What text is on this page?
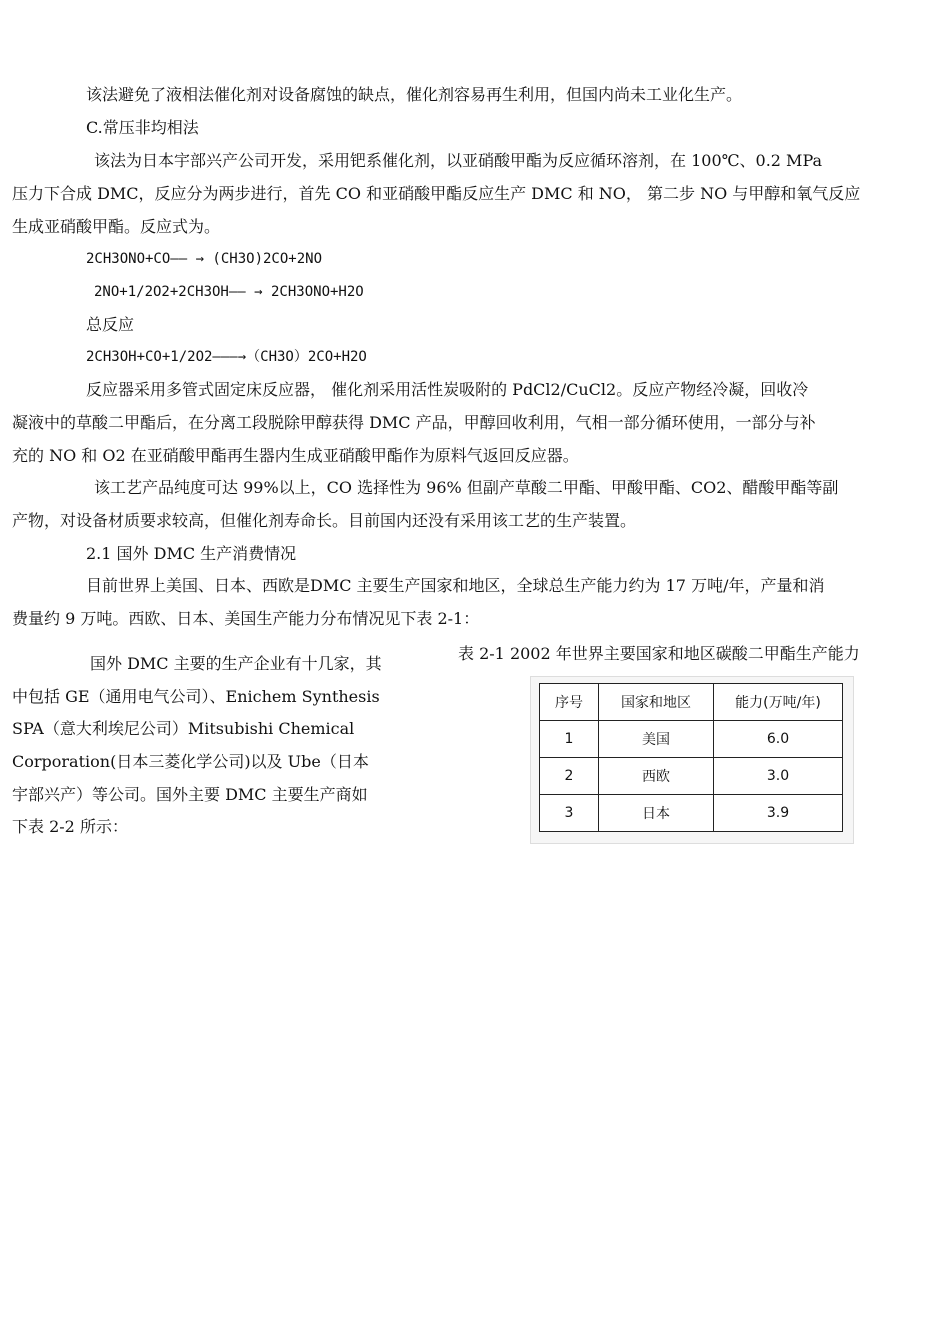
该法避免了液相法催化剂对设备腐蚀的缺点，催化剂容易再生利用，但国内尚未工业化生产。
C.常压非均相法
该法为日本宇部兴产公司开发，采用钯系催化剂，以亚硝酸甲酯为反应循环溶剂，在 100℃、0.2 MPa
压力下合成 DMC，反应分为两步进行，首先 CO 和亚硝酸甲酯反应生产 DMC 和 NO， 第二步 NO 与甲醇和氧气反应
生成亚硝酸甲酯。反应式为。
2CH3ONO+CO—— → (CH3O)2CO+2NO
2NO+1/2O2+2CH3OH—— → 2CH3ONO+H2O
总反应
2CH3OH+CO+1/2O2———→（CH3O）2CO+H2O
反应器采用多管式固定床反应器， 催化剂采用活性炭吸附的 PdCl2/CuCl2。反应产物经冷凝，回收冷
凝液中的草酸二甲酯后，在分离工段脱除甲醇获得 DMC 产品，甲醇回收利用，气相一部分循环使用，一部分与补
充的 NO 和 O2 在亚硝酸甲酯再生器内生成亚硝酸甲酯作为原料气返回反应器。
该工艺产品纯度可达 99%以上，CO 选择性为 96% 但副产草酸二甲酯、甲酸甲酯、CO2、醋酸甲酯等副
产物，对设备材质要求较高，但催化剂寿命长。目前国内还没有采用该工艺的生产装置。
2.1 国外 DMC 生产消费情况
目前世界上美国、日本、西欧是DMC 主要生产国家和地区，全球总生产能力约为 17 万吨/年，产量和消
费量约 9 万吨。西欧、日本、美国生产能力分布情况见下表 2-1：
国外 DMC 主要的生产企业有十几家，其
中包括 GE（通用电气公司）、Enichem Synthesis
SPA（意大利埃尼公司）Mitsubishi Chemical
Corporation(日本三菱化学公司)以及 Ube（日本
宇部兴产）等公司。国外主要 DMC 主要生产商如
下表 2-2 所示：
表 2-1 2002 年世界主要国家和地区碳酸二甲酯生产能力
序号	国家和地区	能力(万吨/年)
1	美国	6.0
2	西欧	3.0
3	日本	3.9
